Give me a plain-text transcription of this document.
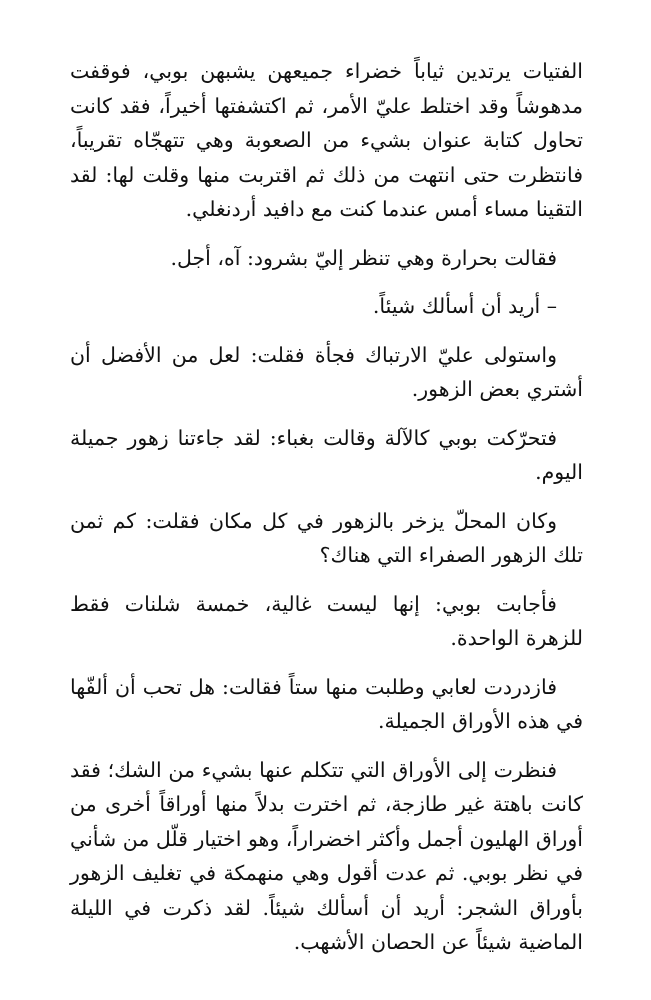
الفتيات يرتدين ثياباً خضراء جميعهن يشبهن بوبي، فوقفت مدهوشاً وقد اختلط عليّ الأمر، ثم اكتشفتها أخيراً، فقد كانت تحاول كتابة عنوان بشيء من الصعوبة وهي تتهجّاه تقريباً، فانتظرت حتى انتهت من ذلك ثم اقتربت منها وقلت لها: لقد التقينا مساء أمس عندما كنت مع دافيد أردنغلي.

فقالت بحرارة وهي تنظر إليّ بشرود: آه، أجل.

– أريد أن أسألك شيئاً.

واستولى عليّ الارتباك فجأة فقلت: لعل من الأفضل أن أشتري بعض الزهور.

فتحرّكت بوبي كالآلة وقالت بغباء: لقد جاءتنا زهور جميلة اليوم.

وكان المحلّ يزخر بالزهور في كل مكان فقلت: كم ثمن تلك الزهور الصفراء التي هناك؟

فأجابت بوبي: إنها ليست غالية، خمسة شلنات فقط للزهرة الواحدة.

فازدردت لعابي وطلبت منها ستاً فقالت: هل تحب أن ألفّها في هذه الأوراق الجميلة.

فنظرت إلى الأوراق التي تتكلم عنها بشيء من الشك؛ فقد كانت باهتة غير طازجة، ثم اخترت بدلاً منها أوراقاً أخرى من أوراق الهليون أجمل وأكثر اخضراراً، وهو اختيار قلّل من شأني في نظر بوبي. ثم عدت أقول وهي منهمكة في تغليف الزهور بأوراق الشجر: أريد أن أسألك شيئاً. لقد ذكرت في الليلة الماضية شيئاً عن الحصان الأشهب.
